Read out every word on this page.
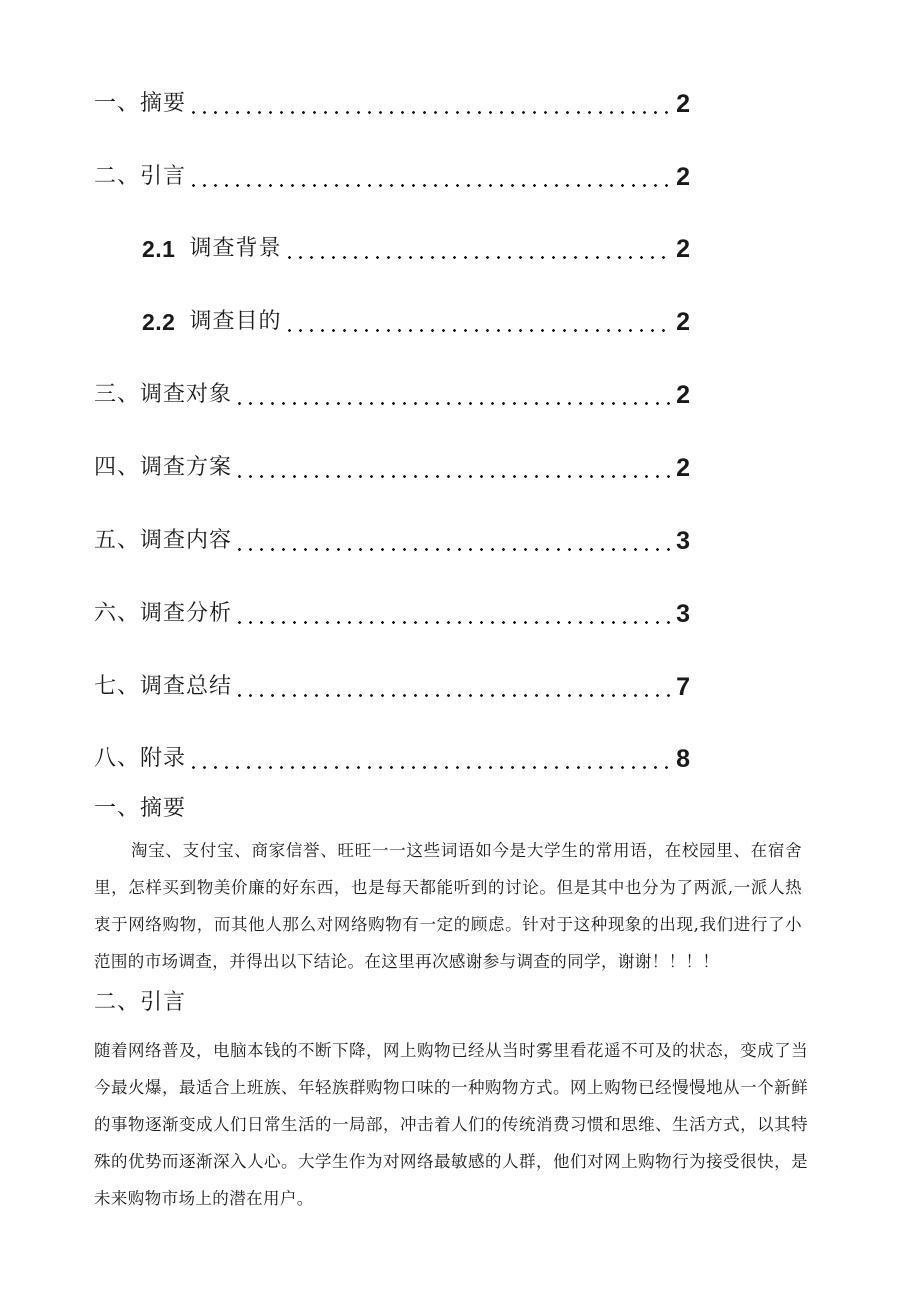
一、摘要	2
二、引言	2
2.1 调查背景	2
2.2 调查目的	2
三、调查对象	2
四、调查方案	2
五、调查内容	3
六、调查分析	3
七、调查总结	7
八、附录	8
一、摘要

淘宝、支付宝、商家信誉、旺旺一一这些词语如今是大学生的常用语，在校园里、在宿舍里，怎样买到物美价廉的好东西，也是每天都能听到的讨论。但是其中也分为了两派,一派人热衷于网络购物，而其他人那么对网络购物有一定的顾虑。针对于这种现象的出现,我们进行了小范围的市场调查，并得出以下结论。在这里再次感谢参与调查的同学，谢谢！！！！

二、引言

随着网络普及，电脑本钱的不断下降，网上购物已经从当时雾里看花遥不可及的状态，变成了当今最火爆，最适合上班族、年轻族群购物口味的一种购物方式。网上购物已经慢慢地从一个新鲜的事物逐渐变成人们日常生活的一局部，冲击着人们的传统消费习惯和思维、生活方式，以其特殊的优势而逐渐深入人心。大学生作为对网络最敏感的人群，他们对网上购物行为接受很快，是未来购物市场上的潜在用户。
